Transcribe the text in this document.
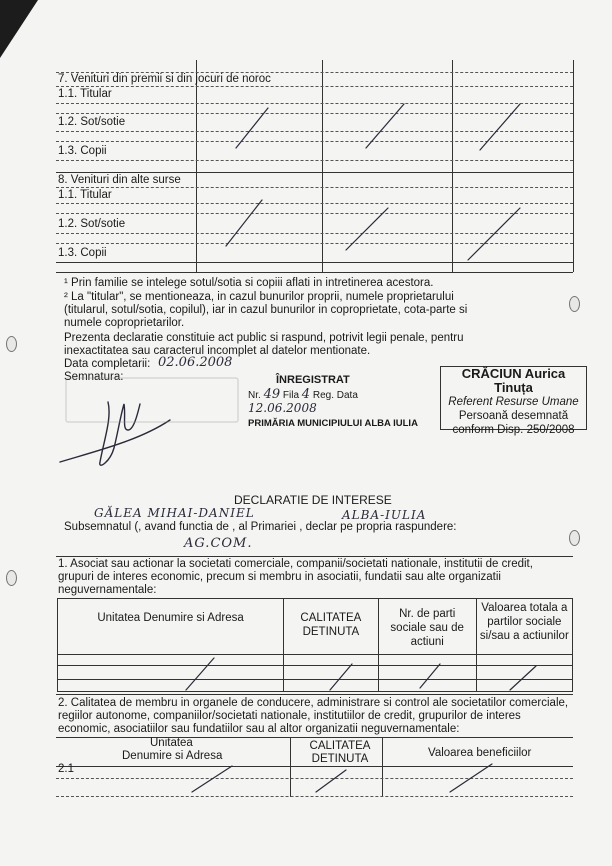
7. Venituri din premii si din jocuri de noroc
1.1. Titular
1.2. Sot/sotie
1.3. Copii
8. Venituri din alte surse
1.1. Titular
1.2. Sot/sotie
1.3. Copii
¹ Prin familie se intelege sotul/sotia si copiii aflati in intretinerea acestora.
² La "titular", se mentioneaza, in cazul bunurilor proprii, numele proprietarului
(titularul, sotul/sotia, copilul), iar in cazul bunurilor in coproprietate, cota-parte si
numele coproprietarilor.
Prezenta declaratie constituie act public si raspund, potrivit legii penale, pentru
inexactitatea sau caracterul incomplet al datelor mentionate.
Data completarii: 02.06.2008
Semnatura:	ÎNREGISTRAT
Nr. 49 Fila 4 Reg. Data 12.06.2008
PRIMĂRIA MUNICIPIULUI ALBA IULIA
CRĂCIUN Aurica Tinuța
Referent Resurse Umane
Persoană desemnată
conform Disp. 250/2008
DECLARATIE DE INTERESE
GĂLEA MIHAI-DANIEL	ALBA-IULIA
Subsemnatul (, avand functia de , al Primariei , declar pe propria raspundere:
AG.COM.
1. Asociat sau actionar la societati comerciale, companii/societati nationale, institutii de credit,
grupuri de interes economic, precum si membru in asociatii, fundatii sau alte organizatii
neguvernamentale:
Unitatea Denumire si Adresa	CALITATEA DETINUTA	Nr. de parti sociale sau de actiuni	Valoarea totala a partilor sociale si/sau a actiunilor

2. Calitatea de membru in organele de conducere, administrare si control ale societatilor comerciale,
regiilor autonome, companiilor/societati nationale, institutiilor de credit, grupurilor de interes
economic, asociatiilor sau fundatiilor sau al altor organizatii neguvernamentale:
Unitatea
Denumire si Adresa
CALITATEA DETINUTA	Valoarea beneficiilor
2.1
